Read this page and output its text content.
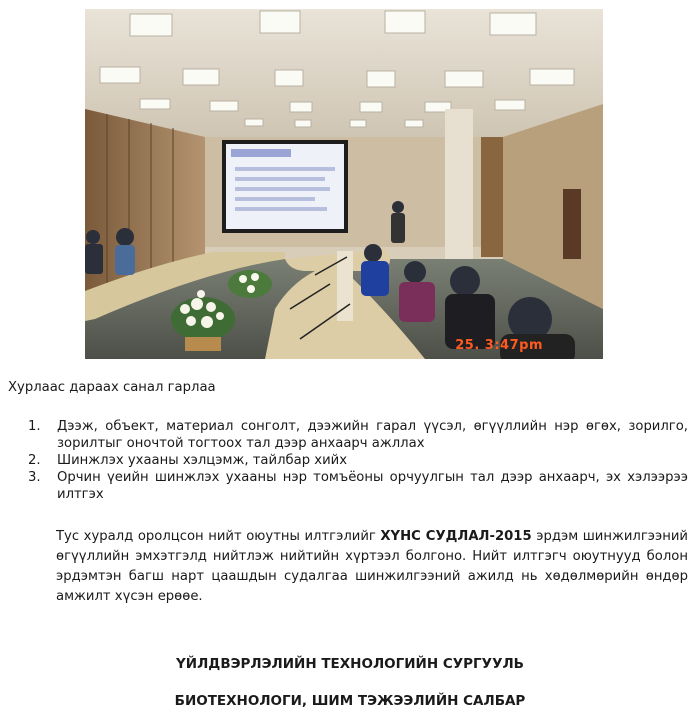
25. 3:47pm
Хурлаас дараах санал гарлаа
1. Дээж, объект, материал сонголт, дээжийн гарал үүсэл, өгүүллийн нэр өгөх, зорилго, зорилтыг оночтой тогтоох тал дээр анхаарч ажллах
2. Шинжлэх ухааны хэлцэмж, тайлбар хийх
3. Орчин үеийн шинжлэх ухааны нэр томъёоны орчуулгын тал дээр анхаарч, эх хэлээрээ илтгэх

Тус хуралд оролцсон нийт оюутны илтгэлийг ХҮНС СУДЛАЛ-2015 эрдэм шинжилгээний өгүүллийн эмхэтгэлд нийтлэж нийтийн хүртээл болгоно. Нийт илтгэгч оюутнууд болон эрдэмтэн багш нарт цаашдын судалгаа шинжилгээний ажилд нь хөдөлмөрийн өндөр амжилт хүсэн ерөөе.

ҮЙЛДВЭРЛЭЛИЙН ТЕХНОЛОГИЙН СУРГУУЛЬ
БИОТЕХНОЛОГИ, ШИМ ТЭЖЭЭЛИЙН САЛБАР
